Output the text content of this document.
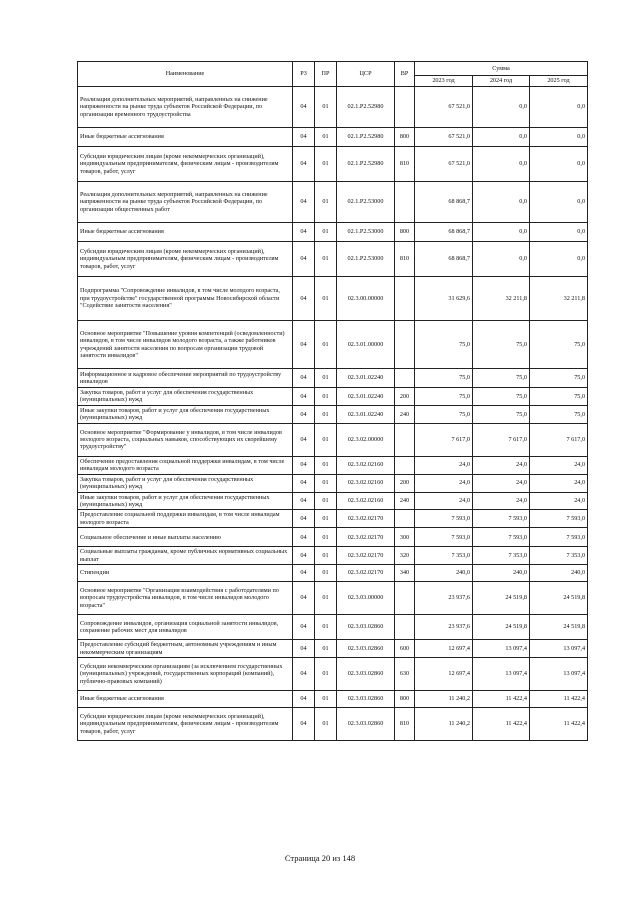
Наименование	РЗ	ПР	ЦСР	ВР	Сумма		
					2023 год	2024 год	2025 год
Реализация дополнительных мероприятий, направленных на снижение напряженности на рынке труда субъектов Российской Федерации, по организации временного трудоустройства	04	01	02.1.P2.52980		67 521,0	0,0	0,0
Иные бюджетные ассигнования	04	01	02.1.P2.52980	800	67 521,0	0,0	0,0
Субсидии юридическим лицам (кроме некоммерческих организаций), индивидуальным предпринимателям, физическим лицам - производителям товаров, работ, услуг	04	01	02.1.P2.52980	810	67 521,0	0,0	0,0
Реализация дополнительных мероприятий, направленных на снижение напряженности на рынке труда субъектов Российской Федерации, по организации общественных работ	04	01	02.1.P2.53000		68 868,7	0,0	0,0
Иные бюджетные ассигнования	04	01	02.1.P2.53000	800	68 868,7	0,0	0,0
Субсидии юридическим лицам (кроме некоммерческих организаций), индивидуальным предпринимателям, физическим лицам - производителям товаров, работ, услуг	04	01	02.1.P2.53000	810	68 868,7	0,0	0,0
Подпрограмма "Сопровождение инвалидов, в том числе молодого возраста, при трудоустройстве" государственной программы Новосибирской области "Содействие занятости населения"	04	01	02.3.00.00000		31 629,6	32 211,8	32 211,8
Основное мероприятие "Повышение уровня компетенций (осведомленности) инвалидов, в том числе инвалидов молодого возраста, а также работников учреждений занятости населения по вопросам организации трудовой занятости инвалидов"	04	01	02.3.01.00000		75,0	75,0	75,0
Информационное и кадровое обеспечение мероприятий по трудоустройству инвалидов	04	01	02.3.01.02240		75,0	75,0	75,0
Закупка товаров, работ и услуг для обеспечения государственных (муниципальных) нужд	04	01	02.3.01.02240	200	75,0	75,0	75,0
Иные закупки товаров, работ и услуг для обеспечения государственных (муниципальных) нужд	04	01	02.3.01.02240	240	75,0	75,0	75,0
Основное мероприятие "Формирование у инвалидов, в том числе инвалидов молодого возраста, социальных навыков, способствующих их скорейшему трудоустройству"	04	01	02.3.02.00000		7 617,0	7 617,0	7 617,0
Обеспечение предоставления социальной поддержки инвалидам, в том числе инвалидам молодого возраста	04	01	02.3.02.02160		24,0	24,0	24,0
Закупка товаров, работ и услуг для обеспечения государственных (муниципальных) нужд	04	01	02.3.02.02160	200	24,0	24,0	24,0
Иные закупки товаров, работ и услуг для обеспечения государственных (муниципальных) нужд	04	01	02.3.02.02160	240	24,0	24,0	24,0
Предоставление социальной поддержки инвалидам, в том числе инвалидам молодого возраста	04	01	02.3.02.02170		7 593,0	7 593,0	7 593,0
Социальное обеспечение и иные выплаты населению	04	01	02.3.02.02170	300	7 593,0	7 593,0	7 593,0
Социальные выплаты гражданам, кроме публичных нормативных социальных выплат	04	01	02.3.02.02170	320	7 353,0	7 353,0	7 353,0
Стипендии	04	01	02.3.02.02170	340	240,0	240,0	240,0
Основное мероприятие "Организация взаимодействия с работодателями по вопросам трудоустройства инвалидов, в том числе инвалидов молодого возраста"	04	01	02.3.03.00000		23 937,6	24 519,8	24 519,8
Сопровождение инвалидов, организация социальной занятости инвалидов, сохранение рабочих мест для инвалидов	04	01	02.3.03.02860		23 937,6	24 519,8	24 519,8
Предоставление субсидий бюджетным, автономным учреждениям и иным некоммерческим организациям	04	01	02.3.03.02860	600	12 697,4	13 097,4	13 097,4
Субсидии некоммерческим организациям (за исключением государственных (муниципальных) учреждений, государственных корпораций (компаний), публично-правовых компаний)	04	01	02.3.03.02860	630	12 697,4	13 097,4	13 097,4
Иные бюджетные ассигнования	04	01	02.3.03.02860	800	11 240,2	11 422,4	11 422,4
Субсидии юридическим лицам (кроме некоммерческих организаций), индивидуальным предпринимателям, физическим лицам - производителям товаров, работ, услуг	04	01	02.3.03.02860	810	11 240,2	11 422,4	11 422,4
Страница 20 из 148
